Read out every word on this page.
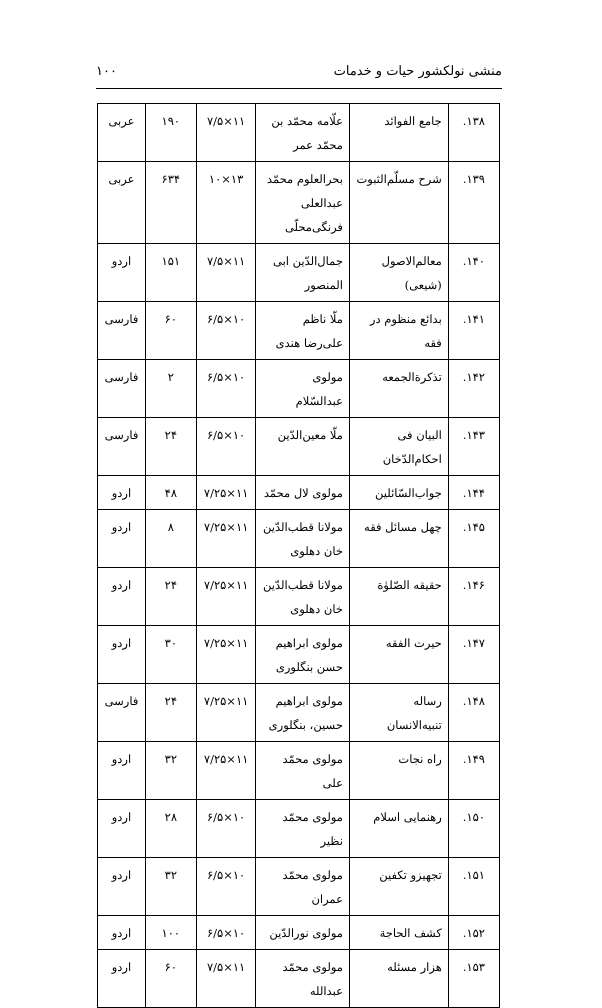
منشی نولکشور حیات و خدمات
۱۰۰
۱۳۸.	جامع الفوائد	علّامه محمّد بن محمّد عمر	۱۱×۷/۵	۱۹۰	عربی
۱۳۹.	شرح مسلّم‌الثبوت	بحرالعلوم محمّد عبدالعلی فرنگی‌محلّی	۱۳×۱۰	۶۳۴	عربی
۱۴۰.	معالم‌الاصول (شیعی)	جمال‌الدّین ابی المنصور	۱۱×۷/۵	۱۵۱	اردو
۱۴۱.	بدائع منظوم در فقه	ملّا ناظم علی‌رضا هندی	۱۰×۶/۵	۶۰	فارسی
۱۴۲.	تذکرةالجمعه	مولوی عبدالسّلام	۱۰×۶/۵	۲	فارسی
۱۴۳.	البیان فی احکام‌الدّخان	ملّا معین‌الدّین	۱۰×۶/۵	۲۴	فارسی
۱۴۴.	جواب‌السّائلین	مولوی لال محمّد	۱۱×۷/۲۵	۴۸	اردو
۱۴۵.	چهل مسائل فقه	مولانا قطب‌الدّین خان دهلوی	۱۱×۷/۲۵	۸	اردو
۱۴۶.	حقیقه الصّلوٰة	مولانا قطب‌الدّین خان دهلوی	۱۱×۷/۲۵	۲۴	اردو
۱۴۷.	حیرت الفقه	مولوی ابراهیم حسن بنگلوری	۱۱×۷/۲۵	۳۰	اردو
۱۴۸.	رساله تنبیه‌الانسان	مولوی ابراهیم حسین، بنگلوری	۱۱×۷/۲۵	۲۴	فارسی
۱۴۹.	راه نجات	مولوی محمّد علی	۱۱×۷/۲۵	۳۲	اردو
۱۵۰.	رهنمایی اسلام	مولوی محمّد نظیر	۱۰×۶/۵	۲۸	اردو
۱۵۱.	تجهیزو تکفین	مولوی محمّد عمران	۱۰×۶/۵	۳۲	اردو
۱۵۲.	کشف الحاجة	مولوی نورالدّین	۱۰×۶/۵	۱۰۰	اردو
۱۵۳.	هزار مسئله	مولوی محمّد عبدالله	۱۱×۷/۵	۶۰	اردو
